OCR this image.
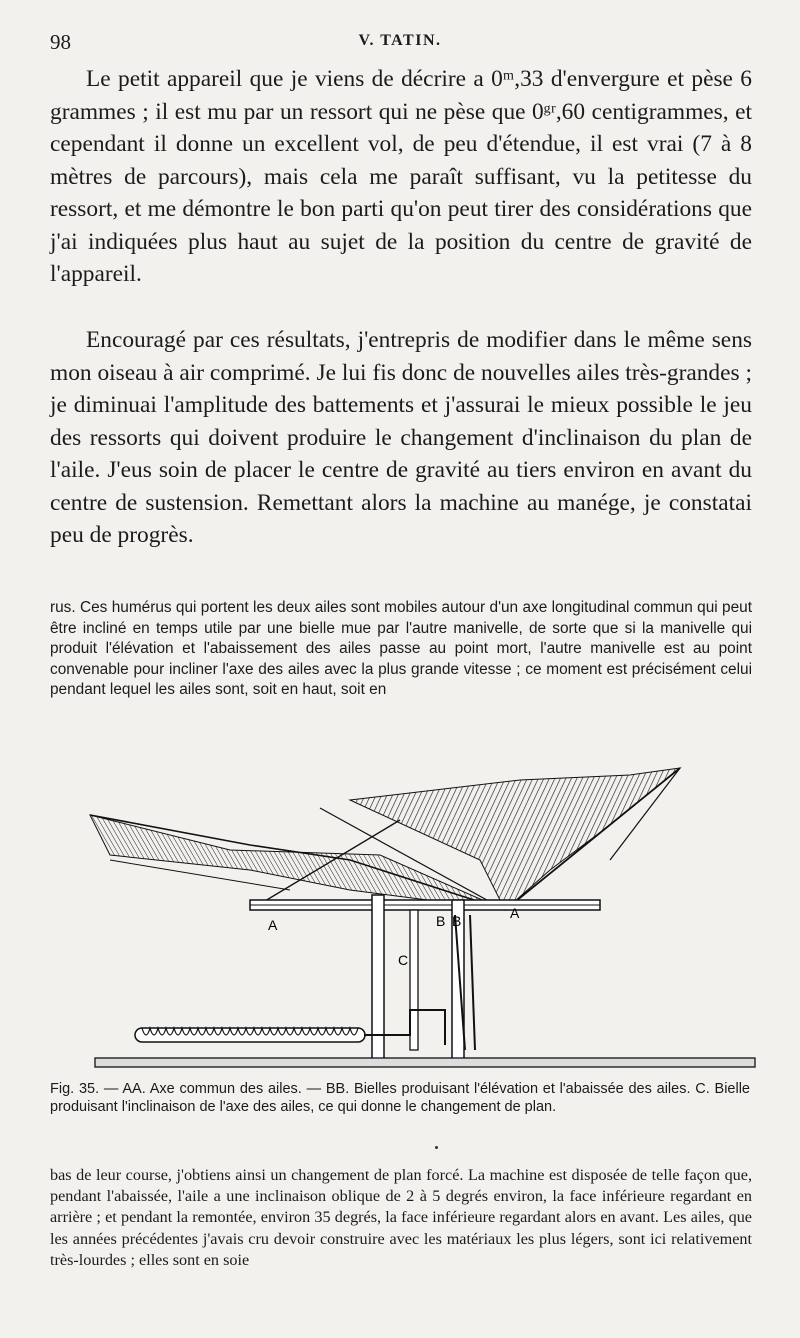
98	V. TATIN.

Le petit appareil que je viens de décrire a 0ᵐ,33 d'envergure et pèse 6 grammes ; il est mu par un ressort qui ne pèse que 0ᵍʳ,60 centigrammes, et cependant il donne un excellent vol, de peu d'étendue, il est vrai (7 à 8 mètres de parcours), mais cela me paraît suffisant, vu la petitesse du ressort, et me démontre le bon parti qu'on peut tirer des considérations que j'ai indiquées plus haut au sujet de la position du centre de gravité de l'appareil.

Encouragé par ces résultats, j'entrepris de modifier dans le même sens mon oiseau à air comprimé. Je lui fis donc de nouvelles ailes très-grandes ; je diminuai l'amplitude des battements et j'assurai le mieux possible le jeu des ressorts qui doivent produire le changement d'inclinaison du plan de l'aile. J'eus soin de placer le centre de gravité au tiers environ en avant du centre de sustension. Remettant alors la machine au manége, je constatai peu de progrès.

rus. Ces humérus qui portent les deux ailes sont mobiles autour d'un axe longitudinal commun qui peut être incliné en temps utile par une bielle mue par l'autre manivelle, de sorte que si la manivelle qui produit l'élévation et l'abaissement des ailes passe au point mort, l'autre manivelle est au point convenable pour incliner l'axe des ailes avec la plus grande vitesse ; ce moment est précisément celui pendant lequel les ailes sont, soit en haut, soit en

A	B B	A
C

Fig. 35. — AA. Axe commun des ailes. — BB. Bielles produisant l'élévation et l'abaissée des ailes. C. Bielle produisant l'inclinaison de l'axe des ailes, ce qui donne le changement de plan.

bas de leur course, j'obtiens ainsi un changement de plan forcé. La machine est disposée de telle façon que, pendant l'abaissée, l'aile a une inclinaison oblique de 2 à 5 degrés environ, la face inférieure regardant en arrière ; et pendant la remontée, environ 35 degrés, la face inférieure regardant alors en avant. Les ailes, que les années précédentes j'avais cru devoir construire avec les matériaux les plus légers, sont ici relativement très-lourdes ; elles sont en soie
